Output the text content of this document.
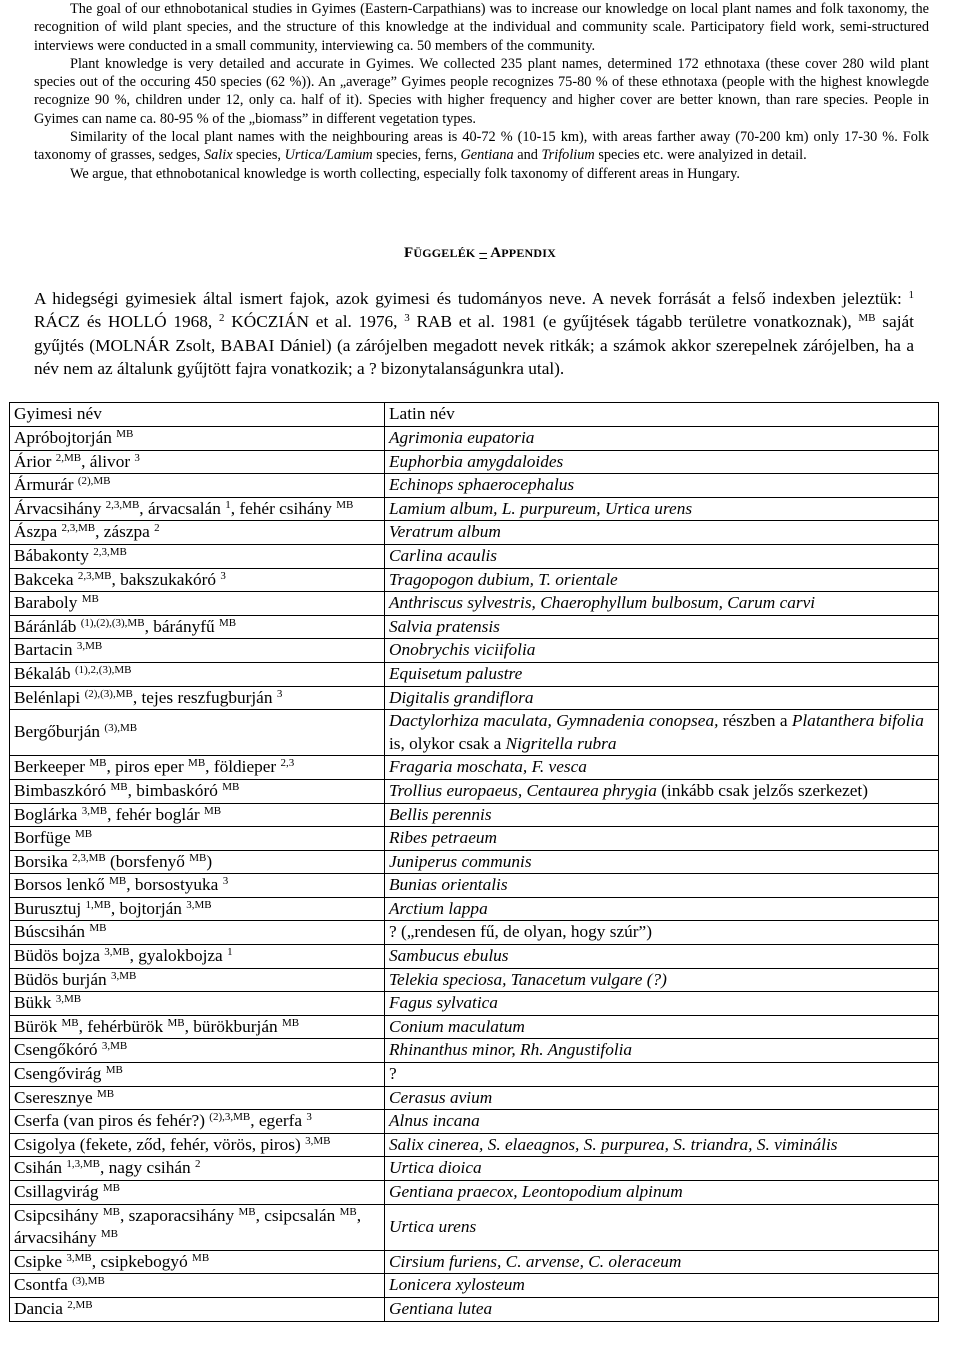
The goal of our ethnobotanical studies in Gyimes (Eastern-Carpathians) was to increase our knowledge on local plant names and folk taxonomy, the recognition of wild plant species, and the structure of this knowledge at the individual and community scale. Participatory field work, semi-structured interviews were conducted in a small community, interviewing ca. 50 members of the community.

Plant knowledge is very detailed and accurate in Gyimes. We collected 235 plant names, determined 172 ethnotaxa (these cover 280 wild plant species out of the occuring 450 species (62 %)). An „average” Gyimes people recognizes 75-80 % of these ethnotaxa (people with the highest knowlegde recognize 90 %, children under 12, only ca. half of it). Species with higher frequency and higher cover are better known, than rare species. People in Gyimes can name ca. 80-95 % of the „biomass” in different vegetation types.

Similarity of the local plant names with the neighbouring areas is 40-72 % (10-15 km), with areas farther away (70-200 km) only 17-30 %. Folk taxonomy of grasses, sedges, Salix species, Urtica/Lamium species, ferns, Gentiana and Trifolium species etc. were analyized in detail.

We argue, that ethnobotanical knowledge is worth collecting, especially folk taxonomy of different areas in Hungary.

FÜGGELÉK – APPENDIX
A hidegségi gyimesiek által ismert fajok, azok gyimesi és tudományos neve. A nevek forrását a felső indexben jeleztük: $^1$ RÁCZ és HOLLÓ 1968, $^2$ KÓCZIÁN et al. 1976, $^3$ RAB et al. 1981 (e gyűjtések tágabb területre vonatkoznak), $^{MB}$ saját gyűjtés (MOLNÁR Zsolt, BABAI Dániel) (a zárójelben megadott nevek ritkák; a számok akkor szerepelnek zárójelben, ha a név nem az általunk gyűjtött fajra vonatkozik; a ? bizonytalanságunkra utal).
Gyimesi név	Latin név
Apróbojtorján $^{MB}$	Agrimonia eupatoria
Árior $^{2,MB}$, álivor $^3$	Euphorbia amygdaloides
Ármurár $^{(2),MB}$	Echinops sphaerocephalus
Árvacsihány $^{2,3,MB}$, árvacsalán $^1$, fehér csihány $^{MB}$	Lamium album, L. purpureum, Urtica urens
Ászpa $^{2,3,MB}$, zászpa $^2$	Veratrum album
Bábakonty $^{2,3,MB}$	Carlina acaulis
Bakceka $^{2,3,MB}$, bakszukakóró $^3$	Tragopogon dubium, T. orientale
Baraboly $^{MB}$	Anthriscus sylvestris, Chaerophyllum bulbosum, Carum carvi
Báránláb $^{(1),(2),(3),MB}$, bárányfű $^{MB}$	Salvia pratensis
Bartacin $^{3,MB}$	Onobrychis viciifolia
Békaláb $^{(1),2,(3),MB}$	Equisetum palustre
Belénlapi $^{(2),(3),MB}$, tejes reszfugburján $^3$	Digitalis grandiflora
Bergőburján $^{(3),MB}$	Dactylorhiza maculata, Gymnadenia conopsea, részben a Platanthera bifolia is, olykor csak a Nigritella rubra
Berkeeper $^{MB}$, piros eper $^{MB}$, földieper $^{2,3}$	Fragaria moschata, F. vesca
Bimbaszkóró $^{MB}$, bimbaskóró $^{MB}$	Trollius europaeus, Centaurea phrygia (inkább csak jelzős szerkezet)
Boglárka $^{3,MB}$, fehér boglár $^{MB}$	Bellis perennis
Borfüge $^{MB}$	Ribes petraeum
Borsika $^{2,3,MB}$ (borsfenyő $^{MB}$)	Juniperus communis
Borsos lenkő $^{MB}$, borsostyuka $^3$	Bunias orientalis
Burusztuj $^{1,MB}$, bojtorján $^{3,MB}$	Arctium lappa
Búscsihán $^{MB}$	? („rendesen fű, de olyan, hogy szúr”)
Büdös bojza $^{3,MB}$, gyalokbojza $^1$	Sambucus ebulus
Büdös burján $^{3,MB}$	Telekia speciosa, Tanacetum vulgare (?)
Bükk $^{3,MB}$	Fagus sylvatica
Bürök $^{MB}$, fehérbürök $^{MB}$, bürökburján $^{MB}$	Conium maculatum
Csengőkóró $^{3,MB}$	Rhinanthus minor, Rh. Angustifolia
Csengővirág $^{MB}$	?
Cseresznye $^{MB}$	Cerasus avium
Cserfa (van piros és fehér?) $^{(2),3,MB}$, egerfa $^3$	Alnus incana
Csigolya (fekete, ződ, fehér, vörös, piros) $^{3,MB}$	Salix cinerea, S. elaeagnos, S. purpurea, S. triandra, S. viminális
Csihán $^{1,3,MB}$, nagy csihán $^2$	Urtica dioica
Csillagvirág $^{MB}$	Gentiana praecox, Leontopodium alpinum
Csipcsihány $^{MB}$, szaporacsihány $^{MB}$, csipcsalán $^{MB}$, árvacsihány $^{MB}$	Urtica urens
Csipke $^{3,MB}$, csipkebogyó $^{MB}$	Cirsium furiens, C. arvense, C. oleraceum
Csontfa $^{(3),MB}$	Lonicera xylosteum
Dancia $^{2,MB}$	Gentiana lutea
